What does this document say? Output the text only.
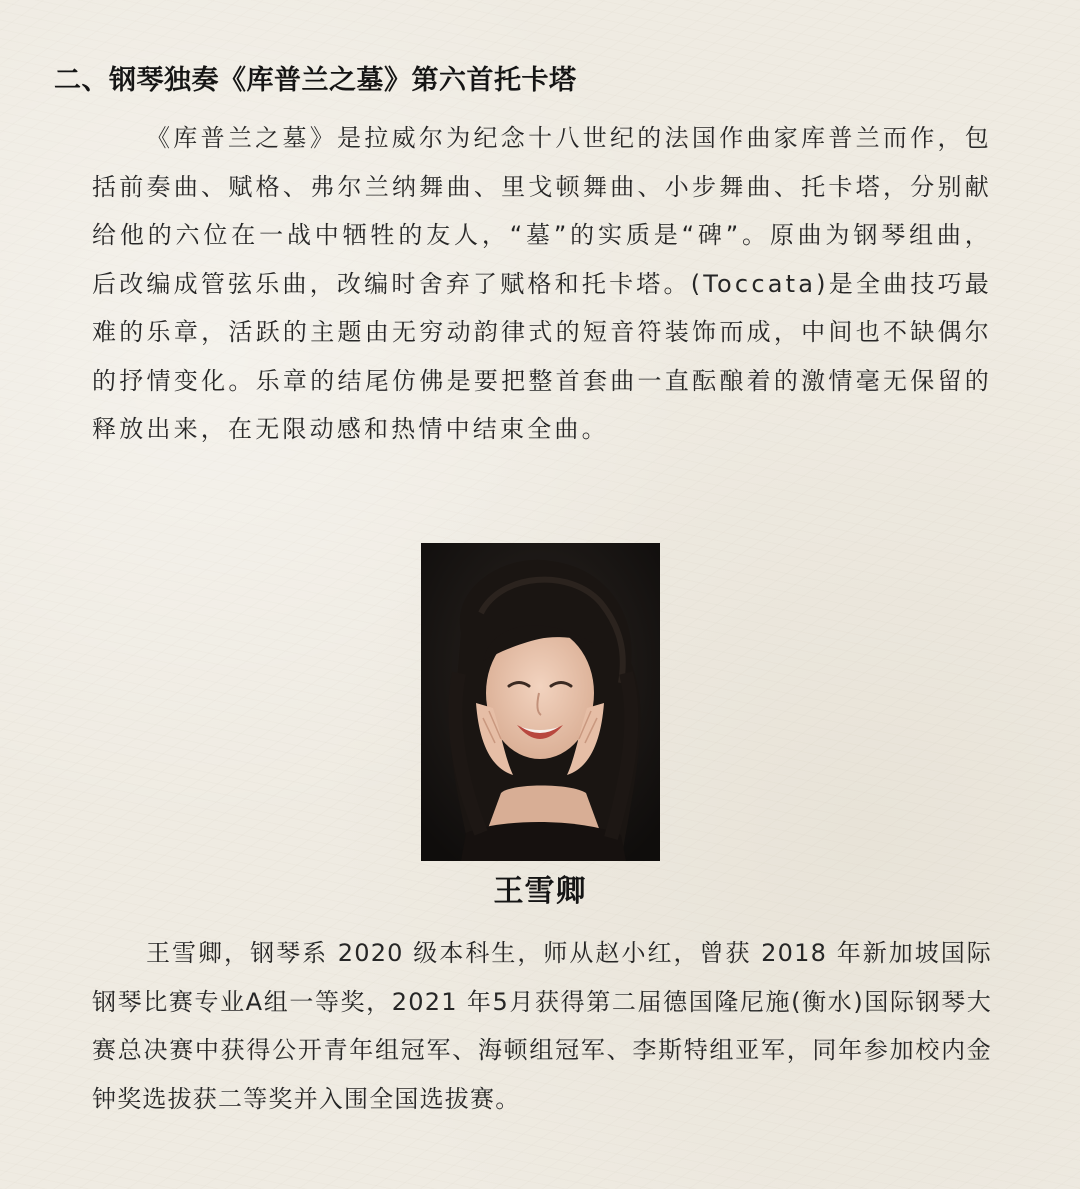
二、钢琴独奏《库普兰之墓》第六首托卡塔

《库普兰之墓》是拉威尔为纪念十八世纪的法国作曲家库普兰而作，包括前奏曲、赋格、弗尔兰纳舞曲、里戈顿舞曲、小步舞曲、托卡塔，分别献给他的六位在一战中牺牲的友人，“墓”的实质是“碑”。原曲为钢琴组曲，后改编成管弦乐曲，改编时舍弃了赋格和托卡塔。(Toccata)是全曲技巧最难的乐章，活跃的主题由无穷动韵律式的短音符装饰而成，中间也不缺偶尔的抒情变化。乐章的结尾仿佛是要把整首套曲一直酝酿着的激情毫无保留的释放出来，在无限动感和热情中结束全曲。

王雪卿

王雪卿，钢琴系 2020 级本科生，师从赵小红，曾获 2018 年新加坡国际钢琴比赛专业A组一等奖，2021 年5月获得第二届德国隆尼施(衡水)国际钢琴大赛总决赛中获得公开青年组冠军、海顿组冠军、李斯特组亚军，同年参加校内金钟奖选拔获二等奖并入围全国选拔赛。
